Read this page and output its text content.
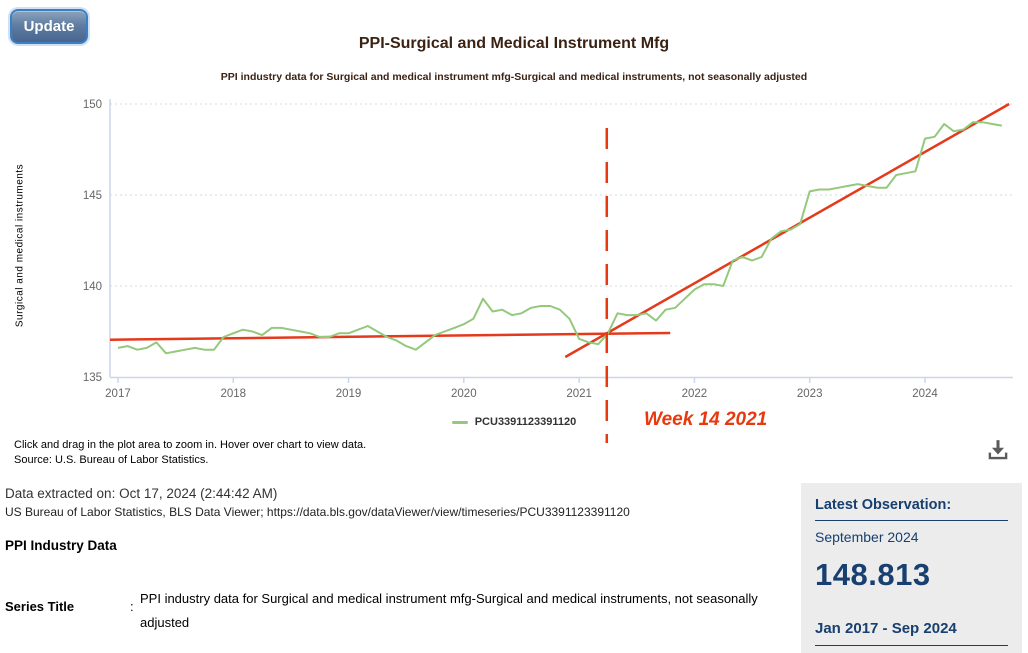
Update
PPI-Surgical and Medical Instrument Mfg
PPI industry data for Surgical and medical instrument mfg-Surgical and medical instruments, not seasonally adjusted
Surgical and medical instruments
2017	2018	2019	2020	2021	2022	2023	2024
135
140
145
150
PCU3391123391120	Week 14 2021
Click and drag in the plot area to zoom in. Hover over chart to view data.
Source: U.S. Bureau of Labor Statistics.
Data extracted on: Oct 17, 2024 (2:44:42 AM)
US Bureau of Labor Statistics, BLS Data Viewer; https://data.bls.gov/dataViewer/view/timeseries/PCU3391123391120
PPI Industry Data
Series Title	:
PPI industry data for Surgical and medical instrument mfg-Surgical and medical instruments, not seasonally adjusted
Latest Observation:
September 2024
148.813
Jan 2017 - Sep 2024
